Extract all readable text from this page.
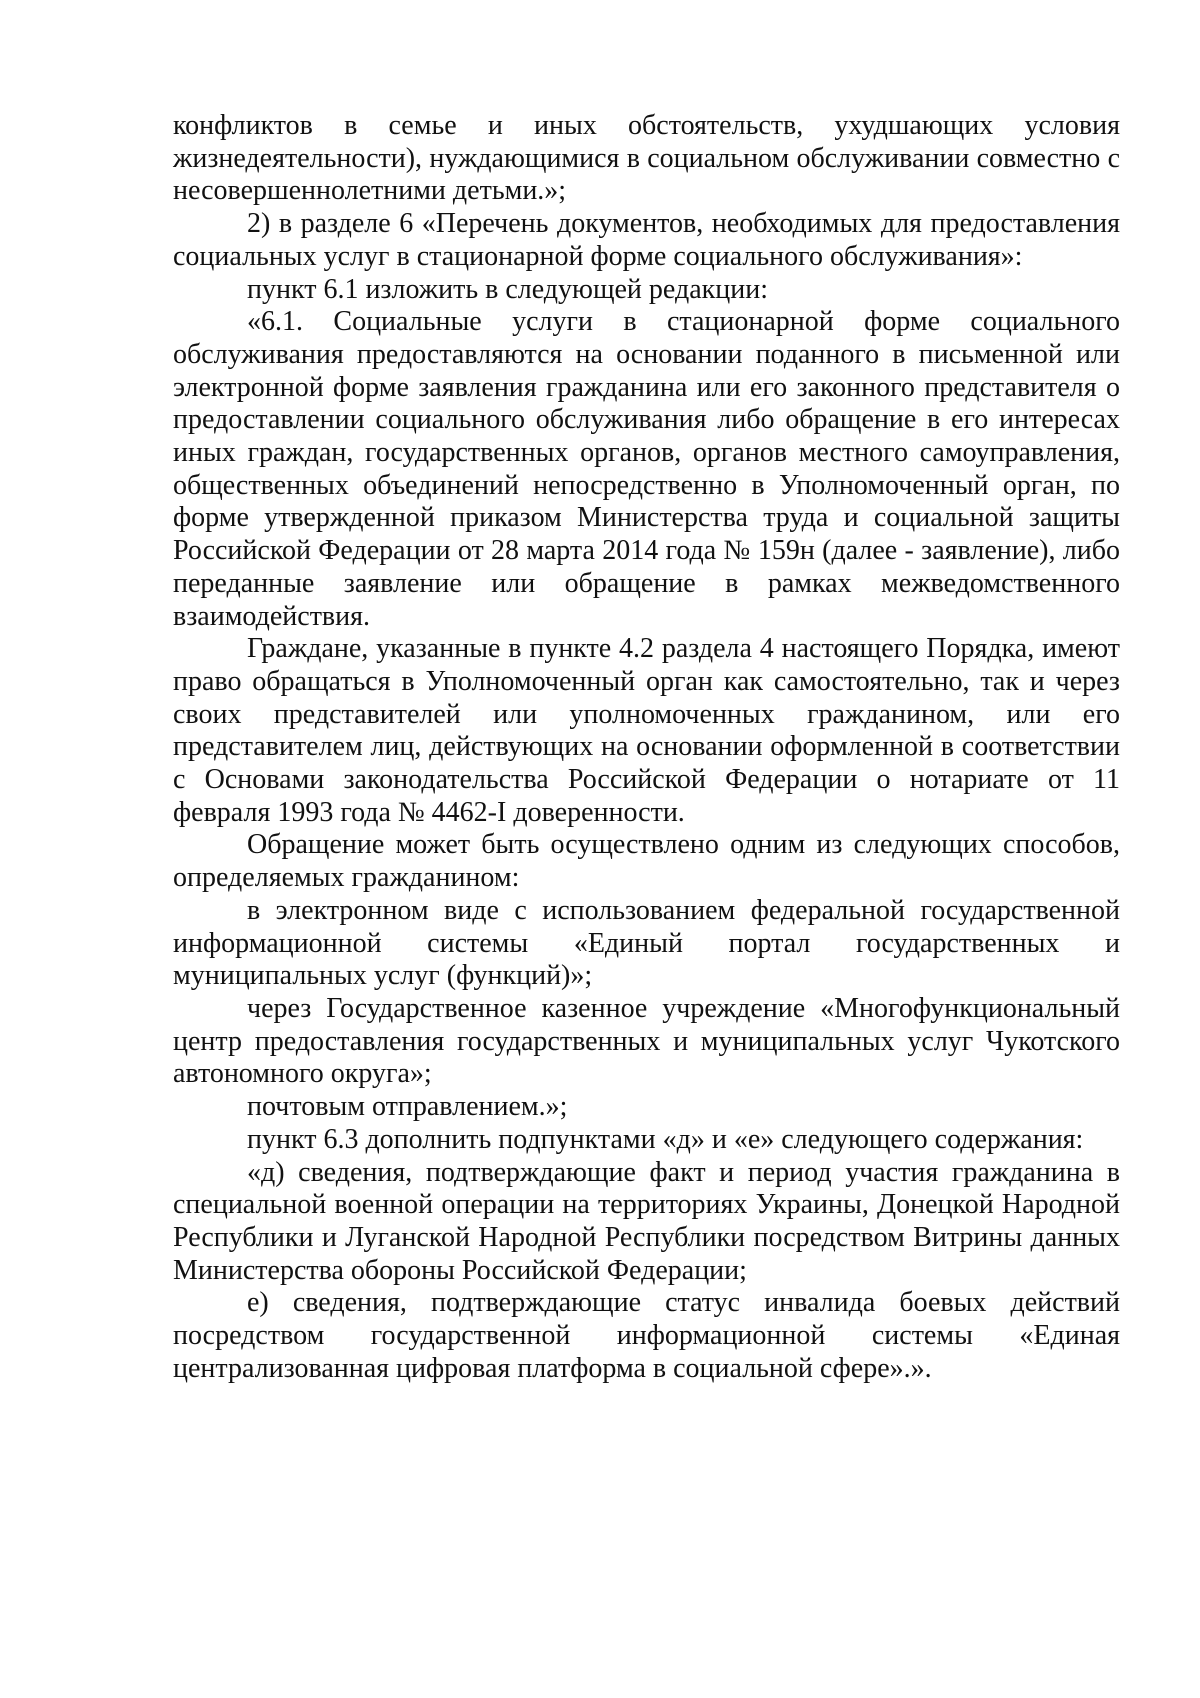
конфликтов в семье и иных обстоятельств, ухудшающих условия жизнедеятельности), нуждающимися в социальном обслуживании совместно с несовершеннолетними детьми.»;

2) в разделе 6 «Перечень документов, необходимых для предоставления социальных услуг в стационарной форме социального обслуживания»:

пункт 6.1 изложить в следующей редакции:

«6.1. Социальные услуги в стационарной форме социального обслуживания предоставляются на основании поданного в письменной или электронной форме заявления гражданина или его законного представителя о предоставлении социального обслуживания либо обращение в его интересах иных граждан, государственных органов, органов местного самоуправления, общественных объединений непосредственно в Уполномоченный орган, по форме утвержденной приказом Министерства труда и социальной защиты Российской Федерации от 28 марта 2014 года № 159н (далее - заявление), либо переданные заявление или обращение в рамках межведомственного взаимодействия.

Граждане, указанные в пункте 4.2 раздела 4 настоящего Порядка, имеют право обращаться в Уполномоченный орган как самостоятельно, так и через своих представителей или уполномоченных гражданином, или его представителем лиц, действующих на основании оформленной в соответствии с Основами законодательства Российской Федерации о нотариате от 11 февраля 1993 года № 4462-I доверенности.

Обращение может быть осуществлено одним из следующих способов, определяемых гражданином:

в электронном виде с использованием федеральной государственной информационной системы «Единый портал государственных и муниципальных услуг (функций)»;

через Государственное казенное учреждение «Многофункциональный центр предоставления государственных и муниципальных услуг Чукотского автономного округа»;

почтовым отправлением.»;

пункт 6.3 дополнить подпунктами «д» и «е» следующего содержания:

«д) сведения, подтверждающие факт и период участия гражданина в специальной военной операции на территориях Украины, Донецкой Народной Республики и Луганской Народной Республики посредством Витрины данных Министерства обороны Российской Федерации;

е) сведения, подтверждающие статус инвалида боевых действий посредством государственной информационной системы «Единая централизованная цифровая платформа в социальной сфере».».
